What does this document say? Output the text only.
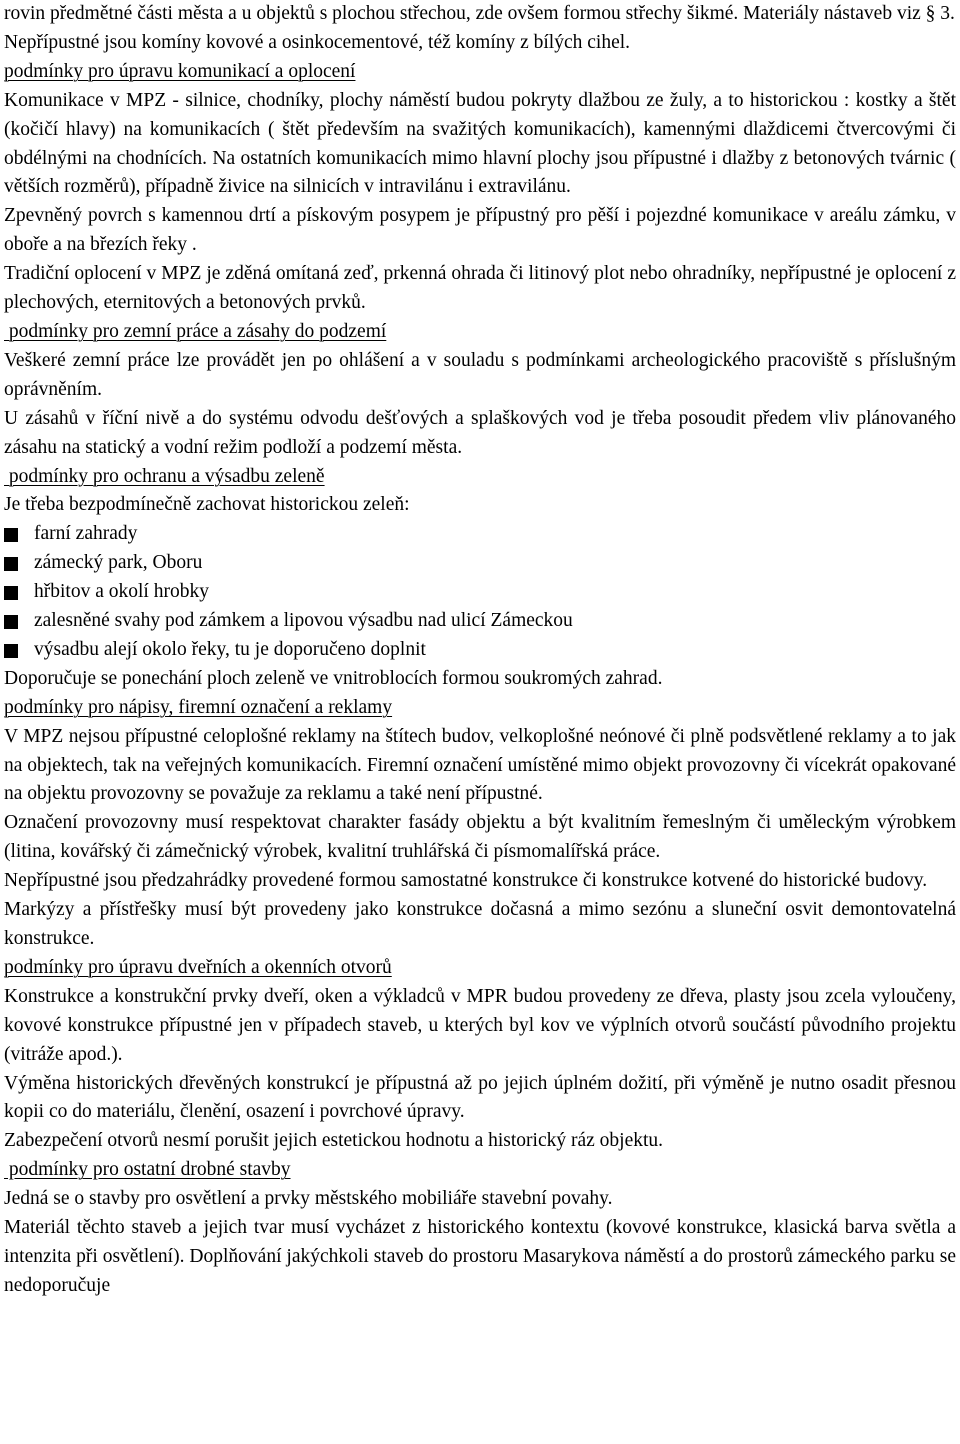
rovin předmětné části města a u objektů s plochou střechou, zde ovšem formou střechy šikmé. Materiály nástaveb viz § 3.

Nepřípustné jsou komíny kovové a osinkocementové, též komíny z bílých cihel.

podmínky pro úpravu komunikací a oplocení

Komunikace v MPZ - silnice, chodníky, plochy náměstí budou pokryty dlažbou ze žuly, a to historickou : kostky a štět (kočičí hlavy) na komunikacích ( štět především na svažitých komunikacích), kamennými dlaždicemi čtvercovými či obdélnými na chodnících. Na ostatních komunikacích mimo hlavní plochy jsou přípustné i dlažby z betonových tvárnic ( větších rozměrů), případně živice na silnicích v intravilánu i extravilánu.

Zpevněný povrch s kamennou drtí a pískovým posypem je přípustný pro pěší i pojezdné komunikace v areálu zámku, v oboře a na březích řeky .

Tradiční oplocení v MPZ je zděná omítaná zeď, prkenná ohrada či litinový plot nebo ohradníky, nepřípustné je oplocení z plechových, eternitových a betonových prvků.

podmínky pro zemní práce a zásahy do podzemí

Veškeré zemní práce lze provádět jen po ohlášení a v souladu s podmínkami archeologického pracoviště s příslušným oprávněním.

U zásahů v říční nivě a do systému odvodu dešťových a splaškových vod je třeba posoudit předem vliv plánovaného zásahu na statický a vodní režim podloží a podzemí města.

podmínky pro ochranu a výsadbu zeleně

Je třeba bezpodmínečně zachovat historickou zeleň:

farní zahrady
zámecký park, Oboru
hřbitov a okolí hrobky
zalesněné svahy pod zámkem a lipovou výsadbu nad ulicí Zámeckou
výsadbu alejí okolo řeky, tu je doporučeno doplnit

Doporučuje se ponechání ploch zeleně ve vnitroblocích formou soukromých zahrad.

podmínky pro nápisy, firemní označení a reklamy

V MPZ nejsou přípustné celoplošné reklamy na štítech budov, velkoplošné neónové či plně podsvětlené reklamy a to jak na objektech, tak na veřejných komunikacích. Firemní označení umístěné mimo objekt provozovny či vícekrát opakované na objektu provozovny se považuje za reklamu a také není přípustné.

Označení provozovny musí respektovat charakter fasády objektu a být kvalitním řemeslným či uměleckým výrobkem (litina, kovářský či zámečnický výrobek, kvalitní truhlářská či písmomalířská práce.

Nepřípustné jsou předzahrádky provedené formou samostatné konstrukce či konstrukce kotvené do historické budovy.

Markýzy a přístřešky musí být provedeny jako konstrukce dočasná a mimo sezónu a sluneční osvit demontovatelná konstrukce.

podmínky pro úpravu dveřních a okenních otvorů

Konstrukce a konstrukční prvky dveří, oken a výkladců v MPR budou provedeny ze dřeva, plasty jsou zcela vyloučeny, kovové konstrukce přípustné jen v případech staveb, u kterých byl kov ve výplních otvorů součástí původního projektu (vitráže apod.).

Výměna historických dřevěných konstrukcí je přípustná až po jejich úplném dožití, při výměně je nutno osadit přesnou kopii co do materiálu, členění, osazení i povrchové úpravy.

Zabezpečení otvorů nesmí porušit jejich estetickou hodnotu a historický ráz objektu.

podmínky pro ostatní drobné stavby

Jedná se o stavby pro osvětlení a prvky městského mobiliáře stavební povahy.

Materiál těchto staveb a jejich tvar musí vycházet z historického kontextu (kovové konstrukce, klasická barva světla a intenzita při osvětlení). Doplňování jakýchkoli staveb do prostoru Masarykova náměstí a do prostorů zámeckého parku se nedoporučuje
